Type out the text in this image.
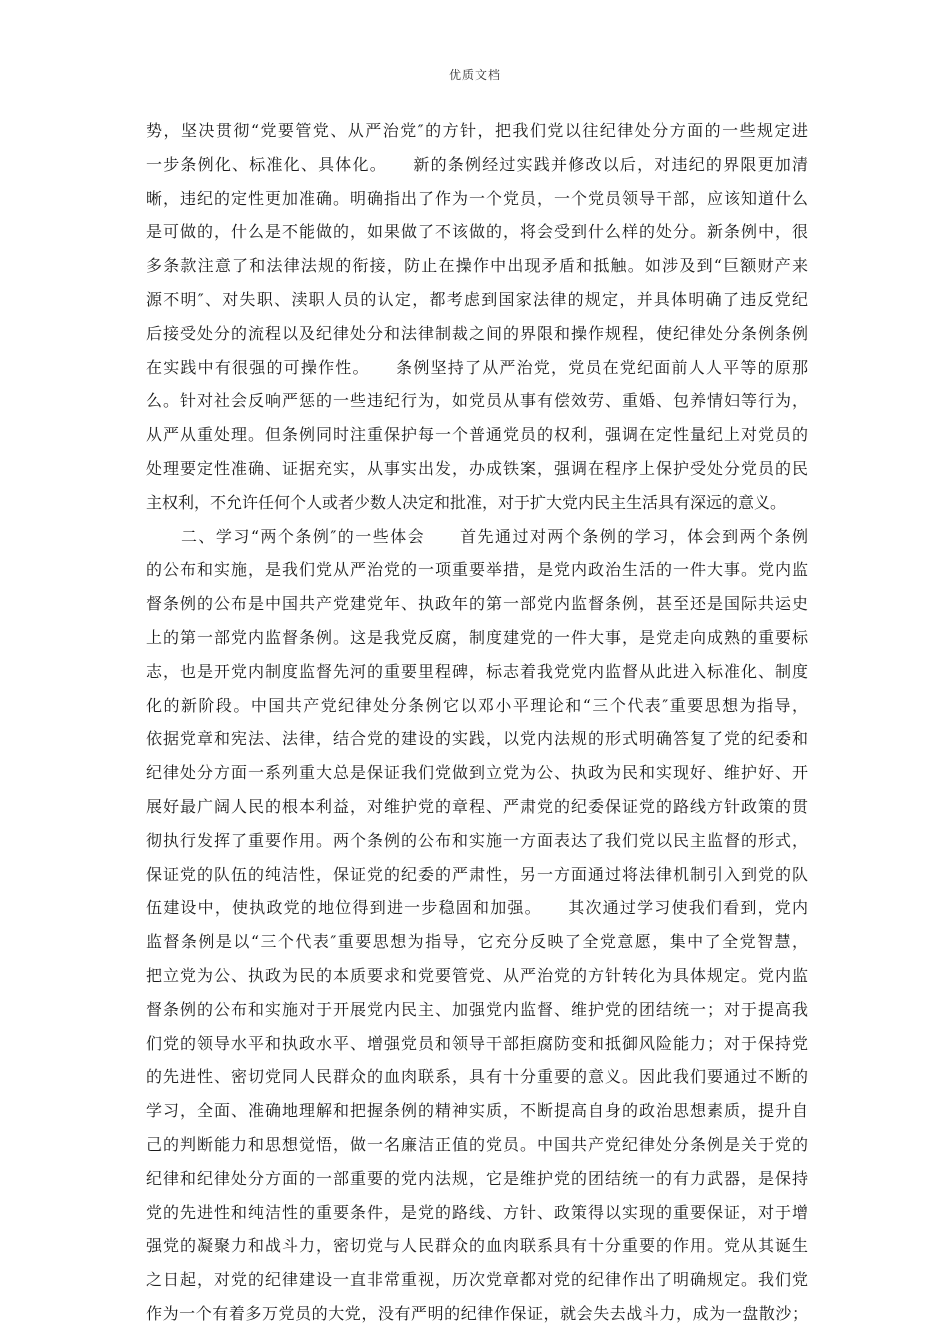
优质文档
势，坚决贯彻“党要管党、从严治党″的方针，把我们党以往纪律处分方面的一些规定进
一步条例化、标准化、具体化。　　新的条例经过实践并修改以后，对违纪的界限更加清
晰，违纪的定性更加准确。明确指出了作为一个党员，一个党员领导干部，应该知道什么
是可做的，什么是不能做的，如果做了不该做的，将会受到什么样的处分。新条例中，很
多条款注意了和法律法规的衔接，防止在操作中出现矛盾和抵触。如涉及到“巨额财产来
源不明″、对失职、渎职人员的认定，都考虑到国家法律的规定，并具体明确了违反党纪
后接受处分的流程以及纪律处分和法律制裁之间的界限和操作规程，使纪律处分条例条例
在实践中有很强的可操作性。　　条例坚持了从严治党，党员在党纪面前人人平等的原那
么。针对社会反响严惩的一些违纪行为，如党员从事有偿效劳、重婚、包养情妇等行为，
从严从重处理。但条例同时注重保护每一个普通党员的权利，强调在定性量纪上对党员的
处理要定性准确、证据充实，从事实出发，办成铁案，强调在程序上保护受处分党员的民
主权利，不允许任何个人或者少数人决定和批准，对于扩大党内民主生活具有深远的意义。
　　二、学习“两个条例″的一些体会　　首先通过对两个条例的学习，体会到两个条例
的公布和实施，是我们党从严治党的一项重要举措，是党内政治生活的一件大事。党内监
督条例的公布是中国共产党建党年、执政年的第一部党内监督条例，甚至还是国际共运史
上的第一部党内监督条例。这是我党反腐，制度建党的一件大事，是党走向成熟的重要标
志，也是开党内制度监督先河的重要里程碑，标志着我党党内监督从此进入标准化、制度
化的新阶段。中国共产党纪律处分条例它以邓小平理论和“三个代表″重要思想为指导，
依据党章和宪法、法律，结合党的建设的实践，以党内法规的形式明确答复了党的纪委和
纪律处分方面一系列重大总是保证我们党做到立党为公、执政为民和实现好、维护好、开
展好最广阔人民的根本利益，对维护党的章程、严肃党的纪委保证党的路线方针政策的贯
彻执行发挥了重要作用。两个条例的公布和实施一方面表达了我们党以民主监督的形式，
保证党的队伍的纯洁性，保证党的纪委的严肃性，另一方面通过将法律机制引入到党的队
伍建设中，使执政党的地位得到进一步稳固和加强。　　其次通过学习使我们看到，党内
监督条例是以“三个代表″重要思想为指导，它充分反映了全党意愿，集中了全党智慧，
把立党为公、执政为民的本质要求和党要管党、从严治党的方针转化为具体规定。党内监
督条例的公布和实施对于开展党内民主、加强党内监督、维护党的团结统一；对于提高我
们党的领导水平和执政水平、增强党员和领导干部拒腐防变和抵御风险能力；对于保持党
的先进性、密切党同人民群众的血肉联系，具有十分重要的意义。因此我们要通过不断的
学习，全面、准确地理解和把握条例的精神实质，不断提高自身的政治思想素质，提升自
己的判断能力和思想觉悟，做一名廉洁正值的党员。中国共产党纪律处分条例是关于党的
纪律和纪律处分方面的一部重要的党内法规，它是维护党的团结统一的有力武器，是保持
党的先进性和纯洁性的重要条件，是党的路线、方针、政策得以实现的重要保证，对于增
强党的凝聚力和战斗力，密切党与人民群众的血肉联系具有十分重要的作用。党从其诞生
之日起，对党的纪律建设一直非常重视，历次党章都对党的纪律作出了明确规定。我们党
作为一个有着多万党员的大党，没有严明的纪律作保证，就会失去战斗力，成为一盘散沙；
